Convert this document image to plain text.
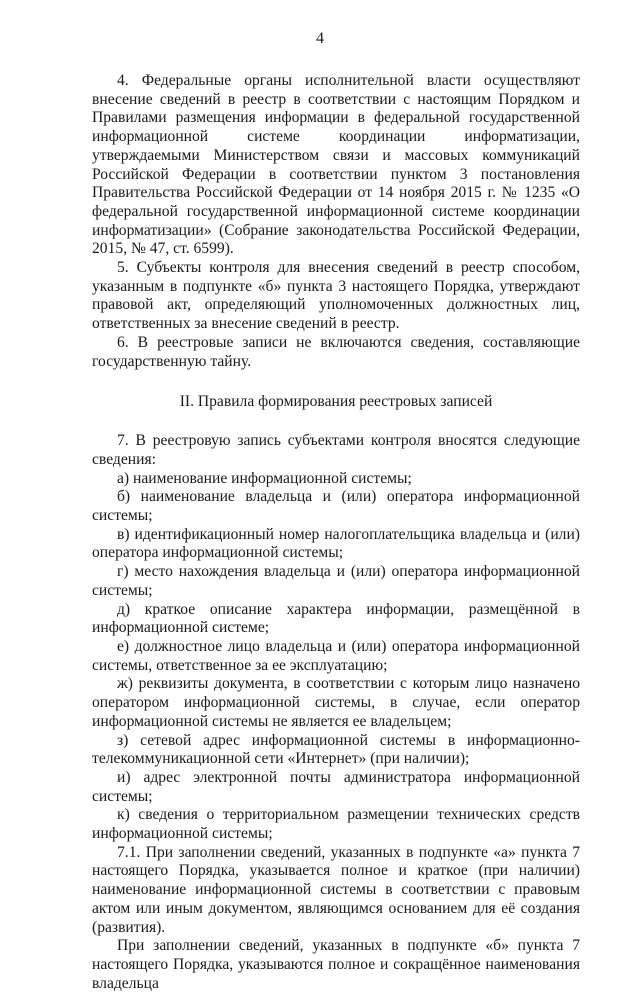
4

4. Федеральные органы исполнительной власти осуществляют внесение сведений в реестр в соответствии с настоящим Порядком и Правилами размещения информации в федеральной государственной информационной системе координации информатизации, утверждаемыми Министерством связи и массовых коммуникаций Российской Федерации в соответствии пунктом 3 постановления Правительства Российской Федерации от 14 ноября 2015 г. № 1235 «О федеральной государственной информационной системе координации информатизации» (Собрание законодательства Российской Федерации, 2015, № 47, ст. 6599).

5. Субъекты контроля для внесения сведений в реестр способом, указанным в подпункте «б» пункта 3 настоящего Порядка, утверждают правовой акт, определяющий уполномоченных должностных лиц, ответственных за внесение сведений в реестр.

6. В реестровые записи не включаются сведения, составляющие государственную тайну.

II. Правила формирования реестровых записей

7. В реестровую запись субъектами контроля вносятся следующие сведения:

а) наименование информационной системы;

б) наименование владельца и (или) оператора информационной системы;

в) идентификационный номер налогоплательщика владельца и (или) оператора информационной системы;

г) место нахождения владельца и (или) оператора информационной системы;

д) краткое описание характера информации, размещённой в информационной системе;

е) должностное лицо владельца и (или) оператора информационной системы, ответственное за ее эксплуатацию;

ж) реквизиты документа, в соответствии с которым лицо назначено оператором информационной системы, в случае, если оператор информационной системы не является ее владельцем;

з) сетевой адрес информационной системы в информационно-телекоммуникационной сети «Интернет» (при наличии);

и) адрес электронной почты администратора информационной системы;

к) сведения о территориальном размещении технических средств информационной системы;

7.1. При заполнении сведений, указанных в подпункте «а» пункта 7 настоящего Порядка, указывается полное и краткое (при наличии) наименование информационной системы в соответствии с правовым актом или иным документом, являющимся основанием для её создания (развития).

При заполнении сведений, указанных в подпункте «б» пункта 7 настоящего Порядка, указываются полное и сокращённое наименования владельца
